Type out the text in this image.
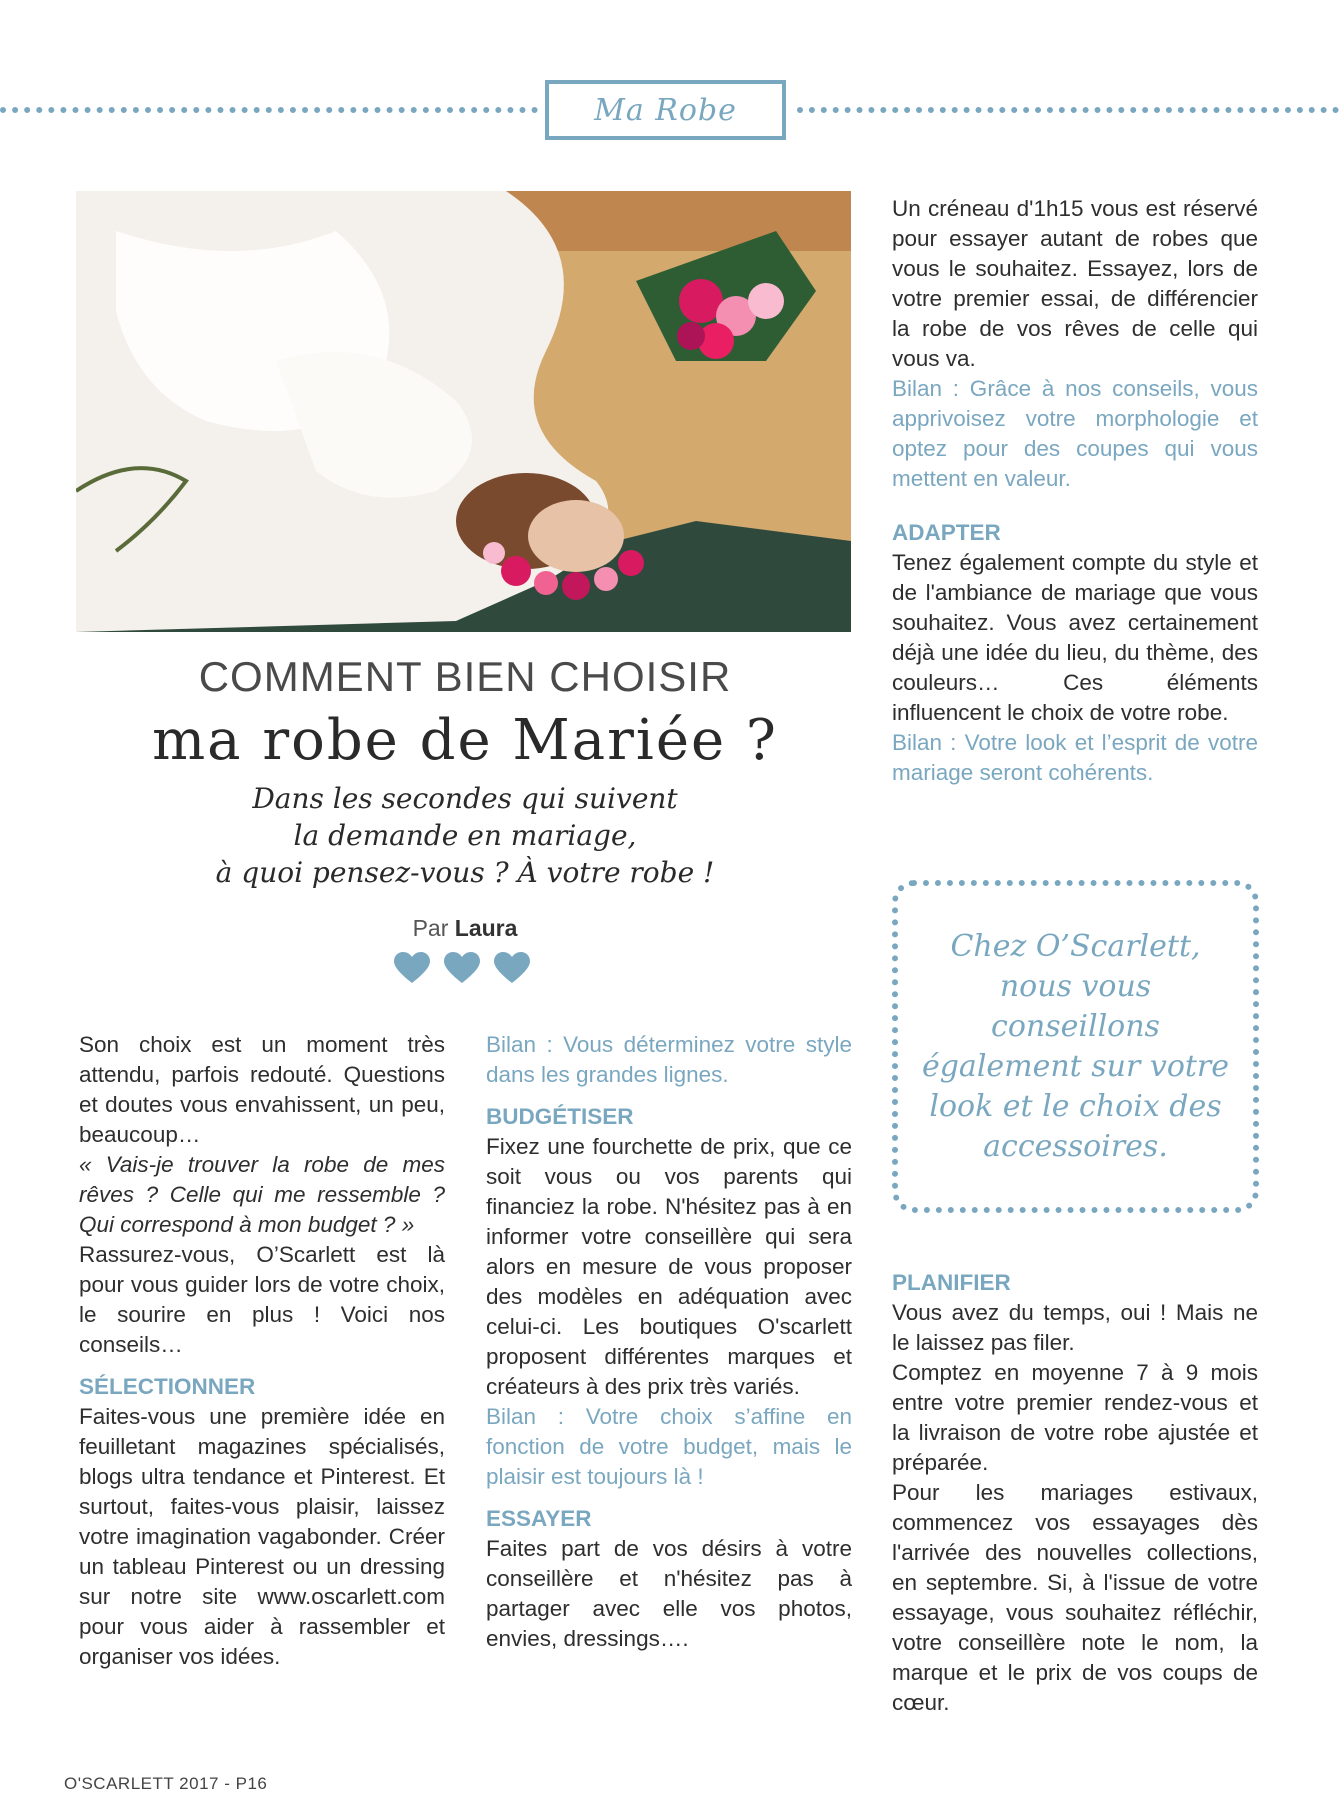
Ma Robe
COMMENT BIEN CHOISIR
ma robe de Mariée ?
Dans les secondes qui suivent
la demande en mariage,
à quoi pensez-vous ? À votre robe !
Par Laura

Son choix est un moment très attendu, parfois redouté. Questions et doutes vous envahissent, un peu, beaucoup…

« Vais-je trouver la robe de mes rêves ? Celle qui me ressemble ? Qui correspond à mon budget ? »

Rassurez-vous, O’Scarlett est là pour vous guider lors de votre choix, le sourire en plus ! Voici nos conseils…

SÉLECTIONNER

Faites-vous une première idée en feuilletant magazines spécialisés, blogs ultra tendance et Pinterest. Et surtout, faites-vous plaisir, laissez votre imagination vagabonder. Créer un tableau Pinterest ou un dressing sur notre site www.oscarlett.com pour vous aider à rassembler et organiser vos idées.

Bilan : Vous déterminez votre style dans les grandes lignes.

BUDGÉTISER

Fixez une fourchette de prix, que ce soit vous ou vos parents qui financiez la robe. N'hésitez pas à en informer votre conseillère qui sera alors en mesure de vous proposer des modèles en adéquation avec celui-ci. Les boutiques O'scarlett proposent différentes marques et créateurs à des prix très variés.

Bilan : Votre choix s’affine en fonction de votre budget, mais le plaisir est toujours là !

ESSAYER

Faites part de vos désirs à votre conseillère et n'hésitez pas à partager avec elle vos photos, envies, dressings….

Un créneau d'1h15 vous est réservé pour essayer autant de robes que vous le souhaitez. Essayez, lors de votre premier essai, de différencier la robe de vos rêves de celle qui vous va.

Bilan : Grâce à nos conseils, vous apprivoisez votre morphologie et optez pour des coupes qui vous mettent en valeur.

ADAPTER

Tenez également compte du style et de l'ambiance de mariage que vous souhaitez. Vous avez certainement déjà une idée du lieu, du thème, des couleurs… Ces éléments influencent le choix de votre robe.

Bilan : Votre look et l’esprit de votre mariage seront cohérents.

Chez O’Scarlett, nous vous conseillons également sur votre look et le choix des accessoires.

PLANIFIER

Vous avez du temps, oui ! Mais ne le laissez pas filer.

Comptez en moyenne 7 à 9 mois entre votre premier rendez-vous et la livraison de votre robe ajustée et préparée.

Pour les mariages estivaux, commencez vos essayages dès l'arrivée des nouvelles collections, en septembre. Si, à l'issue de votre essayage, vous souhaitez réfléchir, votre conseillère note le nom, la marque et le prix de vos coups de cœur.

O'SCARLETT 2017 - P16
